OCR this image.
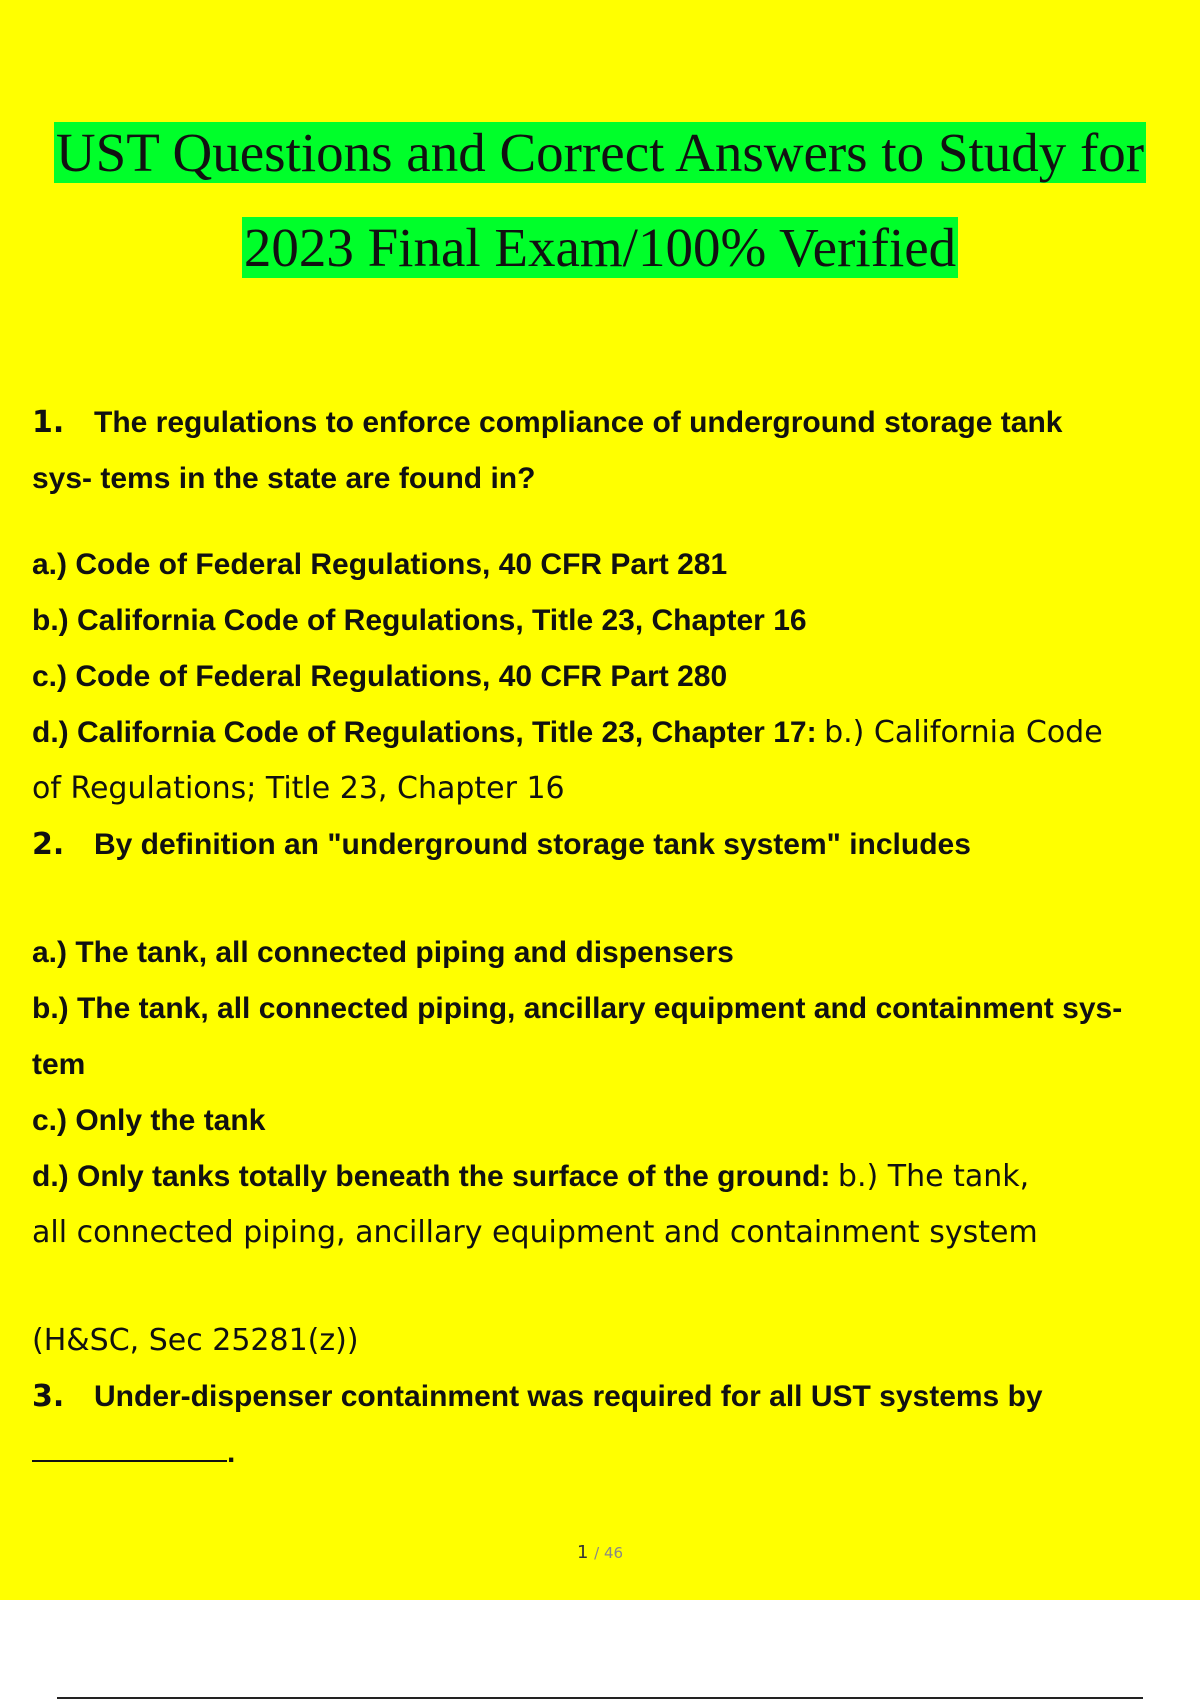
UST Questions and Correct Answers to Study for
2023 Final Exam/100% Verified
1. The regulations to enforce compliance of underground storage tank
sys- tems in the state are found in?
a.) Code of Federal Regulations, 40 CFR Part 281
b.) California Code of Regulations, Title 23, Chapter 16
c.) Code of Federal Regulations, 40 CFR Part 280
d.) California Code of Regulations, Title 23, Chapter 17: b.) California Code
of Regulations; Title 23, Chapter 16
2. By definition an "underground storage tank system" includes
a.) The tank, all connected piping and dispensers
b.) The tank, all connected piping, ancillary equipment and containment sys-
tem
c.) Only the tank
d.) Only tanks totally beneath the surface of the ground: b.) The tank,
all connected piping, ancillary equipment and containment system
(H&SC, Sec 25281(z))
3. Under-dispenser containment was required for all UST systems by
.
1 / 46
